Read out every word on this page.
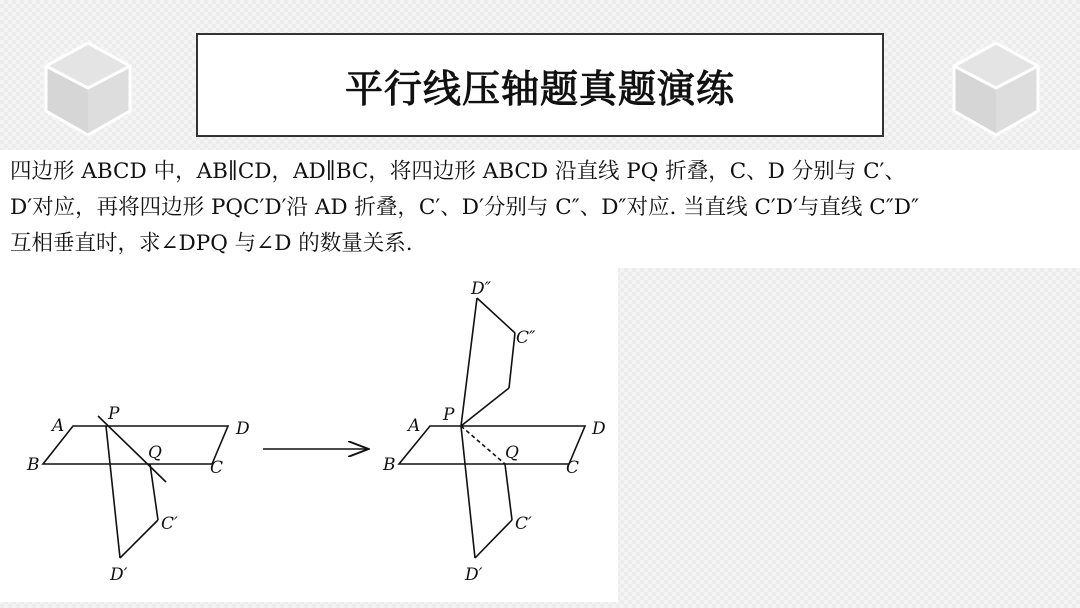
平行线压轴题真题演练
四边形 ABCD 中，AB∥CD，AD∥BC，将四边形 ABCD 沿直线 PQ 折叠，C、D 分别与 C′、
D′对应，再将四边形 PQC′D′沿 AD 折叠，C′、D′分别与 C″、D″对应. 当直线 C′D′与直线 C″D″
互相垂直时，求∠DPQ 与∠D 的数量关系.
A
P
D
B
Q
C
C′
D′
D″
C″
A
P
D
B
Q
C
C′
D′
